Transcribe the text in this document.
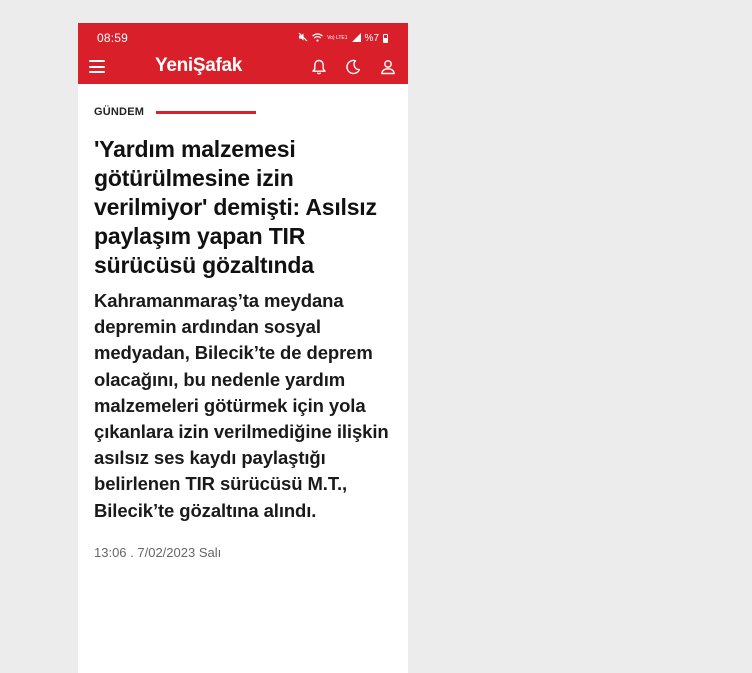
08:59	Vo) LTE1 %7
YeniŞafak
GÜNDEM
'Yardım malzemesi götürülmesine izin verilmiyor' demişti: Asılsız paylaşım yapan TIR sürücüsü gözaltında

Kahramanmaraş’ta meydana depremin ardından sosyal medyadan, Bilecik’te de deprem olacağını, bu nedenle yardım malzemeleri götürmek için yola çıkanlara izin verilmediğine ilişkin asılsız ses kaydı paylaştığı belirlenen TIR sürücüsü M.T., Bilecik’te gözaltına alındı.

13:06 . 7/02/2023 Salı
